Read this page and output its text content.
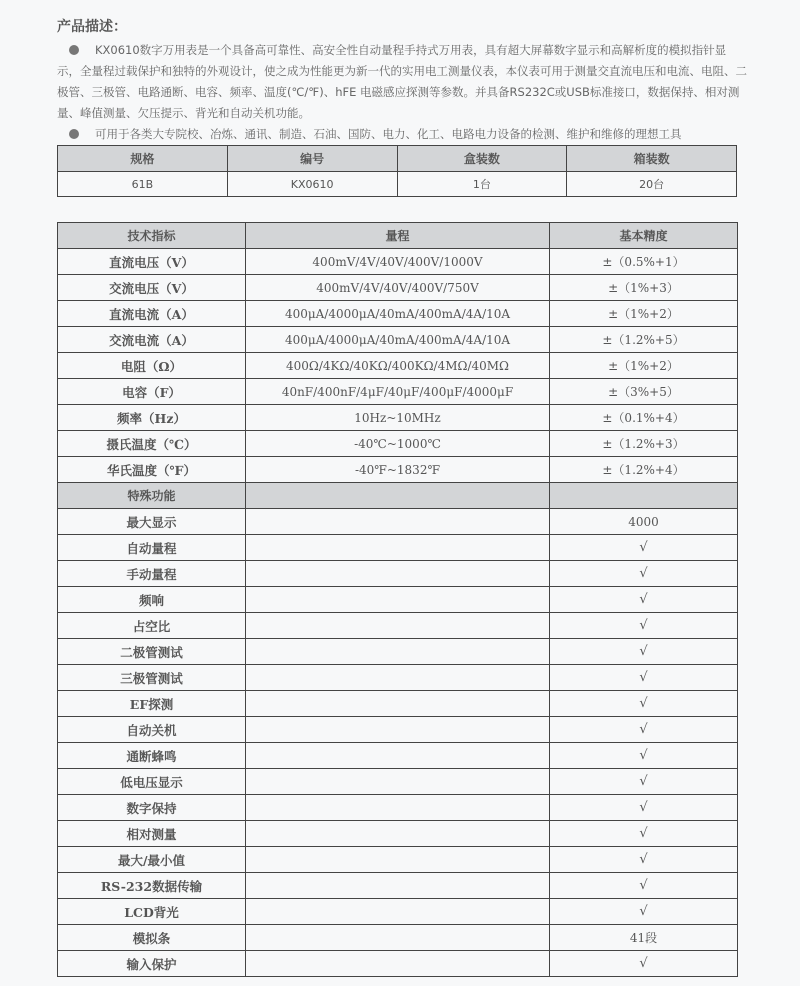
产品描述：

KX0610数字万用表是一个具备高可靠性、高安全性自动量程手持式万用表，具有超大屏幕数字显示和高解析度的模拟指针显示，全量程过载保护和独特的外观设计，使之成为性能更为新一代的实用电工测量仪表，本仪表可用于测量交直流电压和电流、电阻、二极管、三极管、电路通断、电容、频率、温度(℃/℉)、hFE 电磁感应探测等参数。并具备RS232C或USB标准接口，数据保持、相对测量、峰值测量、欠压提示、背光和自动关机功能。

可用于各类大专院校、冶炼、通讯、制造、石油、国防、电力、化工、电路电力设备的检测、维护和维修的理想工具

规格	编号	盒装数	箱装数
61B	KX0610	1台	20台
技术指标	量程	基本精度
直流电压（V）	400mV/4V/40V/400V/1000V	±（0.5%+1）
交流电压（V）	400mV/4V/40V/400V/750V	±（1%+3）
直流电流（A）	400μA/4000μA/40mA/400mA/4A/10A	±（1%+2）
交流电流（A）	400μA/4000μA/40mA/400mA/4A/10A	±（1.2%+5）
电阻（Ω）	400Ω/4KΩ/40KΩ/400KΩ/4MΩ/40MΩ	±（1%+2）
电容（F）	40nF/400nF/4μF/40μF/400μF/4000μF	±（3%+5）
频率（Hz）	10Hz~10MHz	±（0.1%+4）
摄氏温度（℃）	-40℃~1000℃	±（1.2%+3）
华氏温度（℉）	-40℉~1832℉	±（1.2%+4）
特殊功能		
最大显示		4000
自动量程		√
手动量程		√
频响		√
占空比		√
二极管测试		√
三极管测试		√
EF探测		√
自动关机		√
通断蜂鸣		√
低电压显示		√
数字保持		√
相对测量		√
最大/最小值		√
RS-232数据传输		√
LCD背光		√
模拟条		41段
输入保护		√
